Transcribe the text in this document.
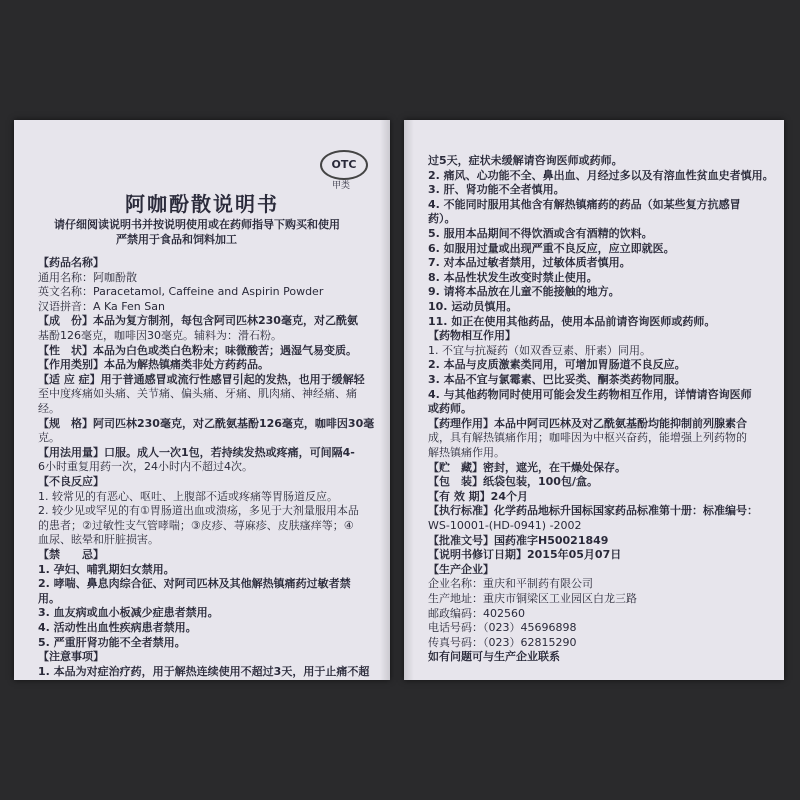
OTC
甲类
阿咖酚散说明书
请仔细阅读说明书并按说明使用或在药师指导下购买和使用
严禁用于食品和饲料加工
【药品名称】
通用名称：阿咖酚散
英文名称：Paracetamol, Caffeine and Aspirin Powder
汉语拼音：A Ka Fen San
【成　份】本品为复方制剂，每包含阿司匹林230毫克，对乙酰氨
基酚126毫克，咖啡因30毫克。辅料为：滑石粉。
【性　状】本品为白色或类白色粉末；味微酸苦；遇湿气易变质。
【作用类别】本品为解热镇痛类非处方药药品。
【适 应 症】用于普通感冒或流行性感冒引起的发热，也用于缓解轻
至中度疼痛如头痛、关节痛、偏头痛、牙痛、肌肉痛、神经痛、痛
经。
【规　格】阿司匹林230毫克，对乙酰氨基酚126毫克，咖啡因30毫
克。
【用法用量】口服。成人一次1包，若持续发热或疼痛，可间隔4-
6小时重复用药一次，24小时内不超过4次。
【不良反应】
1. 较常见的有恶心、呕吐、上腹部不适或疼痛等胃肠道反应。
2. 较少见或罕见的有①胃肠道出血或溃疡，多见于大剂量服用本品
的患者；②过敏性支气管哮喘；③皮疹、荨麻疹、皮肤瘙痒等；④
血尿、眩晕和肝脏损害。
【禁　　忌】
1. 孕妇、哺乳期妇女禁用。
2. 哮喘、鼻息肉综合征、对阿司匹林及其他解热镇痛药过敏者禁
用。
3. 血友病或血小板减少症患者禁用。
4. 活动性出血性疾病患者禁用。
5. 严重肝肾功能不全者禁用。
【注意事项】
1. 本品为对症治疗药，用于解热连续使用不超过3天，用于止痛不超
过5天，症状未缓解请咨询医师或药师。
2. 痛风、心功能不全、鼻出血、月经过多以及有溶血性贫血史者慎用。
3. 肝、肾功能不全者慎用。
4. 不能同时服用其他含有解热镇痛药的药品（如某些复方抗感冒
药）。
5. 服用本品期间不得饮酒或含有酒精的饮料。
6. 如服用过量或出现严重不良反应，应立即就医。
7. 对本品过敏者禁用，过敏体质者慎用。
8. 本品性状发生改变时禁止使用。
9. 请将本品放在儿童不能接触的地方。
10. 运动员慎用。
11. 如正在使用其他药品，使用本品前请咨询医师或药师。
【药物相互作用】
1. 不宜与抗凝药（如双香豆素、肝素）同用。
2. 本品与皮质激素类同用，可增加胃肠道不良反应。
3. 本品不宜与氯霉素、巴比妥类、酮茶类药物同服。
4. 与其他药物同时使用可能会发生药物相互作用，详情请咨询医师
或药师。
【药理作用】本品中阿司匹林及对乙酰氨基酚均能抑制前列腺素合
成，具有解热镇痛作用；咖啡因为中枢兴奋药，能增强上列药物的
解热镇痛作用。
【贮　藏】密封，遮光，在干燥处保存。
【包　装】纸袋包装，100包/盒。
【有 效 期】24个月
【执行标准】化学药品地标升国标国家药品标准第十册：标准编号：
WS-10001-(HD-0941) -2002
【批准文号】国药准字H50021849
【说明书修订日期】2015年05月07日
【生产企业】
企业名称：重庆和平制药有限公司
生产地址：重庆市铜梁区工业园区白龙三路
邮政编码：402560
电话号码：（023）45696898
传真号码：（023）62815290
如有问题可与生产企业联系
